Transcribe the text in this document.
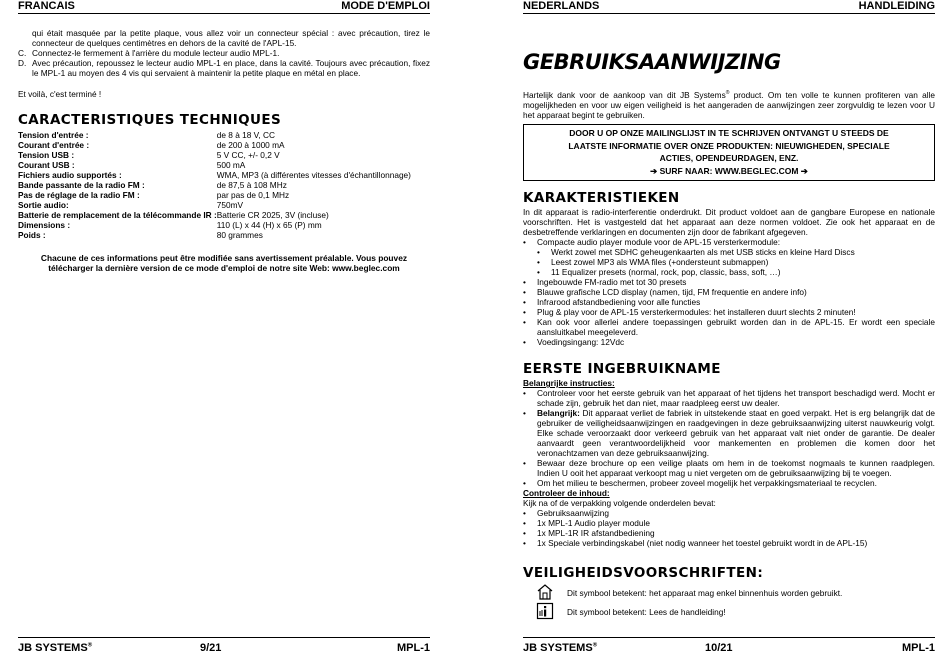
FRANCAIS	MODE D'EMPLOI
qui était masquée par la petite plaque, vous allez voir un connecteur spécial : avec précaution, tirez le connecteur de quelques centimètres en dehors de la cavité de l'APL-15.
C. Connectez-le fermement à l'arrière du module lecteur audio MPL-1.
D. Avec précaution, repoussez le lecteur audio MPL-1 en place, dans la cavité. Toujours avec précaution, fixez le MPL-1 au moyen des 4 vis qui servaient à maintenir la petite plaque en métal en place.
Et voilà, c'est terminé !
CARACTERISTIQUES TECHNIQUES
Tension d'entrée :	de 8 à 18 V, CC
Courant d'entrée :	de 200 à 1000 mA
Tension USB :	5 V CC, +/- 0,2 V
Courant USB :	500 mA
Fichiers audio supportés :	WMA, MP3 (à différentes vitesses d'échantillonnage)
Bande passante de la radio FM :	de 87,5 à 108 MHz
Pas de réglage de la radio FM :	par pas de 0,1 MHz
Sortie audio:	750mV
Batterie de remplacement de la télécommande IR :	Batterie CR 2025, 3V (incluse)
Dimensions :	110 (L) x 44 (H) x 65 (P) mm
Poids :	80 grammes
Chacune de ces informations peut être modifiée sans avertissement préalable. Vous pouvez télécharger la dernière version de ce mode d'emploi de notre site Web: www.beglec.com
JB SYSTEMS®	9/21	MPL-1
NEDERLANDS	HANDLEIDING
GEBRUIKSAANWIJZING
Hartelijk dank voor de aankoop van dit JB Systems® product. Om ten volle te kunnen profiteren van alle mogelijkheden en voor uw eigen veiligheid is het aangeraden de aanwijzingen zeer zorgvuldig te lezen voor U het apparaat begint te gebruiken.
DOOR U OP ONZE MAILINGLIJST IN TE SCHRIJVEN ONTVANGT U STEEDS DE
LAATSTE INFORMATIE OVER ONZE PRODUKTEN: NIEUWIGHEDEN, SPECIALE
ACTIES, OPENDEURDAGEN, ENZ.
➔ SURF NAAR: WWW.BEGLEC.COM ➔
KARAKTERISTIEKEN
In dit apparaat is radio-interferentie onderdrukt. Dit product voldoet aan de gangbare Europese en nationale voorschriften. Het is vastgesteld dat het apparaat aan deze normen voldoet. Zie ook het apparaat en de desbetreffende verklaringen en documenten zijn door de fabrikant afgegeven.
• Compacte audio player module voor de APL-15 versterkermodule:
• Werkt zowel met SDHC geheugenkaarten als met USB sticks en kleine Hard Discs
• Leest zowel MP3 als WMA files (+ondersteunt submappen)
• 11 Equalizer presets (normal, rock, pop, classic, bass, soft, …)
• Ingebouwde FM-radio met tot 30 presets
• Blauwe grafische LCD display (namen, tijd, FM frequentie en andere info)
• Infrarood afstandbediening voor alle functies
• Plug & play voor de APL-15 versterkermodules: het installeren duurt slechts 2 minuten!
• Kan ook voor allerlei andere toepassingen gebruikt worden dan in de APL-15. Er wordt een speciale aansluitkabel meegeleverd.
• Voedingsingang: 12Vdc
EERSTE INGEBRUIKNAME
Belangrijke instructies:
• Controleer voor het eerste gebruik van het apparaat of het tijdens het transport beschadigd werd. Mocht er schade zijn, gebruik het dan niet, maar raadpleeg eerst uw dealer.
• Belangrijk: Dit apparaat verliet de fabriek in uitstekende staat en goed verpakt. Het is erg belangrijk dat de gebruiker de veiligheidsaanwijzingen en raadgevingen in deze gebruiksaanwijzing uiterst nauwkeurig volgt. Elke schade veroorzaakt door verkeerd gebruik van het apparaat valt niet onder de garantie. De dealer aanvaardt geen verantwoordelijkheid voor mankementen en problemen die komen door het veronachtzamen van deze gebruiksaanwijzing.
• Bewaar deze brochure op een veilige plaats om hem in de toekomst nogmaals te kunnen raadplegen. Indien U ooit het apparaat verkoopt mag u niet vergeten om de gebruiksaanwijzing bij te voegen.
• Om het milieu te beschermen, probeer zoveel mogelijk het verpakkingsmateriaal te recyclen.
Controleer de inhoud:
Kijk na of de verpakking volgende onderdelen bevat:
• Gebruiksaanwijzing
• 1x MPL-1 Audio player module
• 1x MPL-1R IR afstandbediening
• 1x Speciale verbindingskabel (niet nodig wanneer het toestel gebruikt wordt in de APL-15)
VEILIGHEIDSVOORSCHRIFTEN:
Dit symbool betekent: het apparaat mag enkel binnenhuis worden gebruikt.
Dit symbool betekent: Lees de handleiding!
JB SYSTEMS®	10/21	MPL-1
